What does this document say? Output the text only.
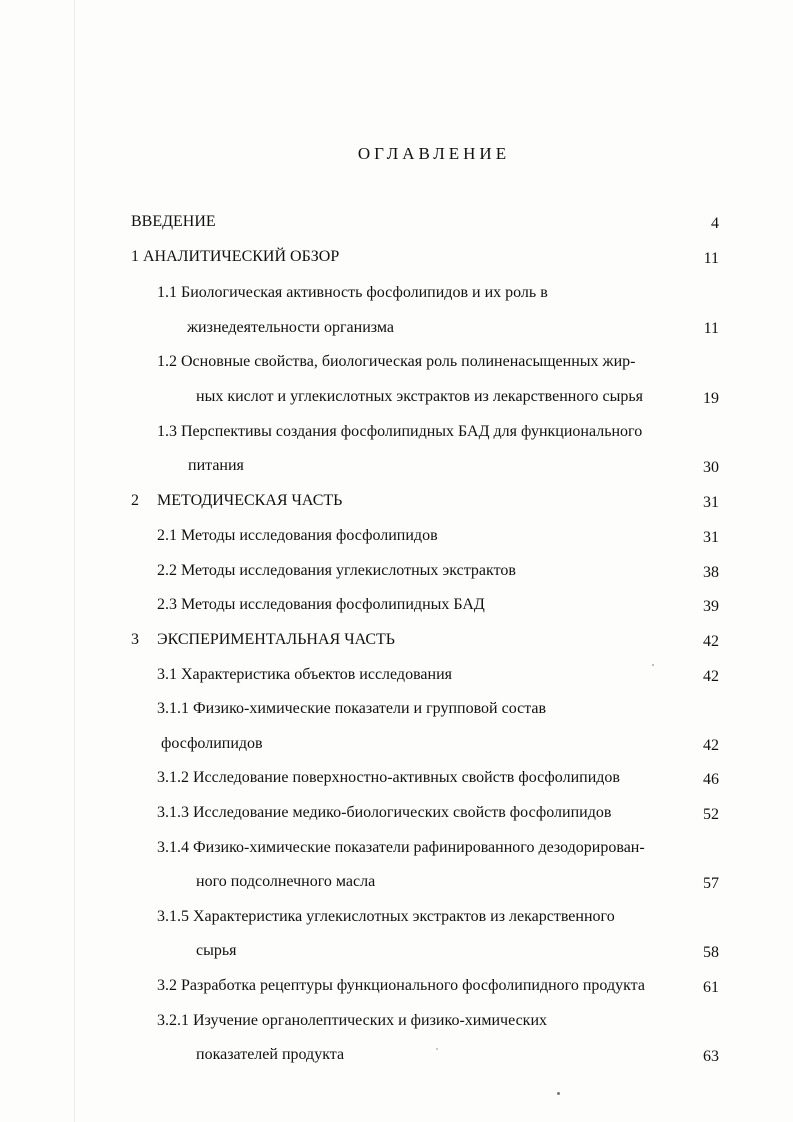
ОГЛАВЛЕНИЕ
ВВЕДЕНИЕ	4
1 АНАЛИТИЧЕСКИЙ ОБЗОР	11
1.1 Биологическая активность фосфолипидов и их роль в
жизнедеятельности организма	11
1.2 Основные свойства, биологическая роль полиненасыщенных жир-
ных кислот и углекислотных экстрактов из лекарственного сырья	19
1.3 Перспективы создания фосфолипидных БАД для функционального
питания	30
2 МЕТОДИЧЕСКАЯ ЧАСТЬ	31
2.1 Методы исследования фосфолипидов	31
2.2 Методы исследования углекислотных экстрактов	38
2.3 Методы исследования фосфолипидных БАД	39
3 ЭКСПЕРИМЕНТАЛЬНАЯ ЧАСТЬ	42
3.1 Характеристика объектов исследования	42
3.1.1 Физико-химические показатели и групповой состав
фосфолипидов	42
3.1.2 Исследование поверхностно-активных свойств фосфолипидов	46
3.1.3 Исследование медико-биологических свойств фосфолипидов	52
3.1.4 Физико-химические показатели рафинированного дезодорирован-
ного подсолнечного масла	57
3.1.5 Характеристика углекислотных экстрактов из лекарственного
сырья	58
3.2 Разработка рецептуры функционального фосфолипидного продукта	61
3.2.1 Изучение органолептических и физико-химических
показателей продукта	63
